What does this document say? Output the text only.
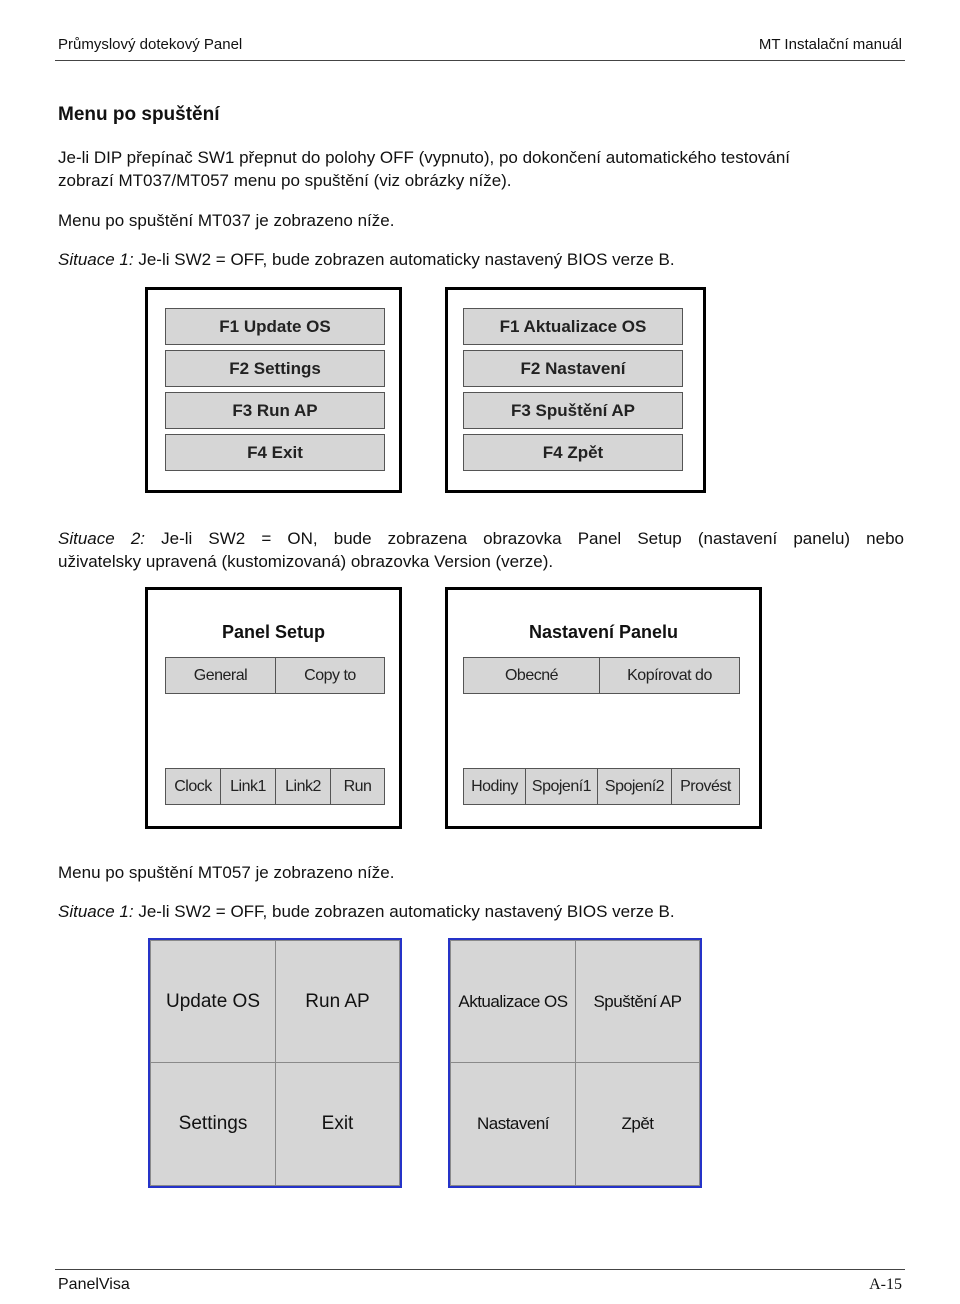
Průmyslový dotekový Panel	MT Instalační manuál
Menu po spuštění
Je-li DIP přepínač SW1 přepnut do polohy OFF (vypnuto), po dokončení automatického testování
zobrazí MT037/MT057 menu po spuštění (viz obrázky níže).
Menu po spuštění MT037 je zobrazeno níže.
Situace 1: Je-li SW2 = OFF, bude zobrazen automaticky nastavený BIOS verze B.
F1 Update OS
F2 Settings
F3 Run AP
F4 Exit
F1 Aktualizace OS
F2 Nastavení
F3 Spuštění AP
F4 Zpět
Situace 2: Je-li SW2 = ON, bude zobrazena obrazovka Panel Setup (nastavení panelu) nebo
uživatelsky upravená (kustomizovaná) obrazovka Version (verze).
Panel Setup
General	Copy to
Clock	Link1	Link2	Run
Nastavení Panelu
Obecné	Kopírovat do
Hodiny Spojení1 Spojení2	Provést
Menu po spuštění MT057 je zobrazeno níže.
Situace 1: Je-li SW2 = OFF, bude zobrazen automaticky nastavený BIOS verze B.
Update OS	Run AP
Settings	Exit
Aktualizace OS	Spuštění AP
Nastavení	Zpět
PanelVisa	A-15
